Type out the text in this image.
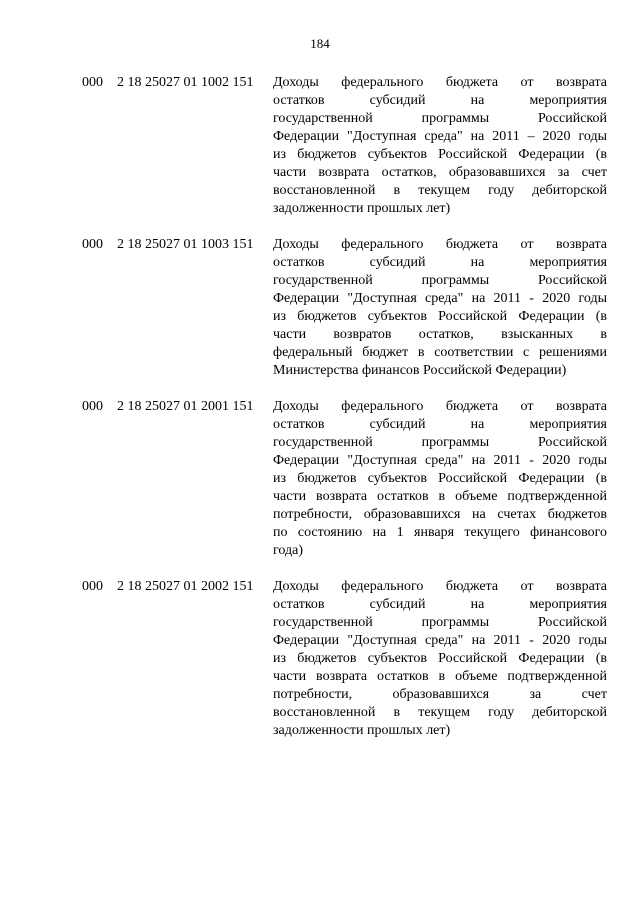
184
000 2 18 25027 01 1002 151 Доходы федерального бюджета от возврата
остатков субсидий на мероприятия
государственной программы Российской
Федерации "Доступная среда" на 2011 – 2020 годы
из бюджетов субъектов Российской Федерации (в
части возврата остатков, образовавшихся за счет
восстановленной в текущем году дебиторской
задолженности прошлых лет)
000 2 18 25027 01 1003 151 Доходы федерального бюджета от возврата
остатков субсидий на мероприятия
государственной программы Российской
Федерации "Доступная среда" на 2011 - 2020 годы
из бюджетов субъектов Российской Федерации (в
части возвратов остатков, взысканных в
федеральный бюджет в соответствии с решениями
Министерства финансов Российской Федерации)
000 2 18 25027 01 2001 151 Доходы федерального бюджета от возврата
остатков субсидий на мероприятия
государственной программы Российской
Федерации "Доступная среда" на 2011 - 2020 годы
из бюджетов субъектов Российской Федерации (в
части возврата остатков в объеме подтвержденной
потребности, образовавшихся на счетах бюджетов
по состоянию на 1 января текущего финансового
года)
000 2 18 25027 01 2002 151 Доходы федерального бюджета от возврата
остатков субсидий на мероприятия
государственной программы Российской
Федерации "Доступная среда" на 2011 - 2020 годы
из бюджетов субъектов Российской Федерации (в
части возврата остатков в объеме подтвержденной
потребности, образовавшихся за счет
восстановленной в текущем году дебиторской
задолженности прошлых лет)
